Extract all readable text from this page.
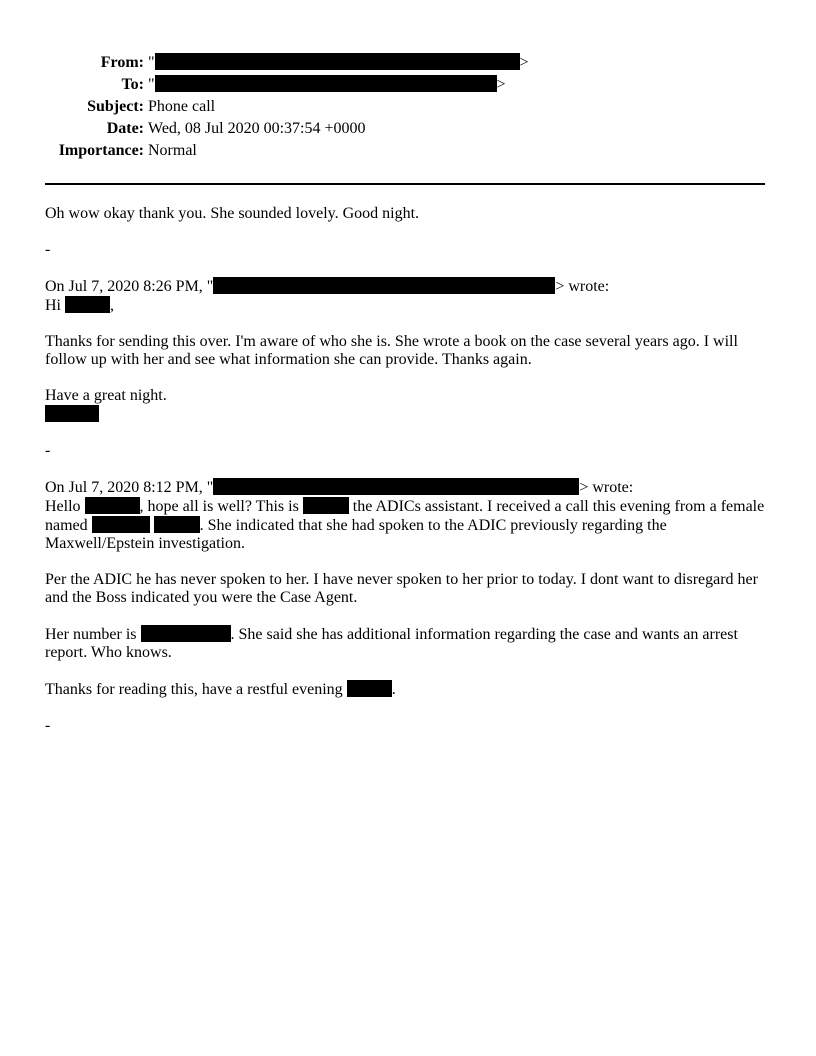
From: "	>
To: "	>
Subject: Phone call
Date: Wed, 08 Jul 2020 00:37:54 +0000
Importance: Normal

Oh wow okay thank you. She sounded lovely. Good night.

-

On Jul 7, 2020 8:26 PM, "	> wrote:

Hi	,

Thanks for sending this over. I'm aware of who she is. She wrote a book on the case several years ago. I will follow up with her and see what information she can provide. Thanks again.

Have a great night.

-

On Jul 7, 2020 8:12 PM, "	> wrote:

Hello	, hope all is well? This is	the ADICs assistant. I received a call this evening from a female named	. She indicated that she had spoken to the ADIC previously regarding the Maxwell/Epstein investigation.

Per the ADIC he has never spoken to her. I have never spoken to her prior to today. I dont want to disregard her and the Boss indicated you were the Case Agent.

Her number is	. She said she has additional information regarding the case and wants an arrest report. Who knows.

Thanks for reading this, have a restful evening	.

-
